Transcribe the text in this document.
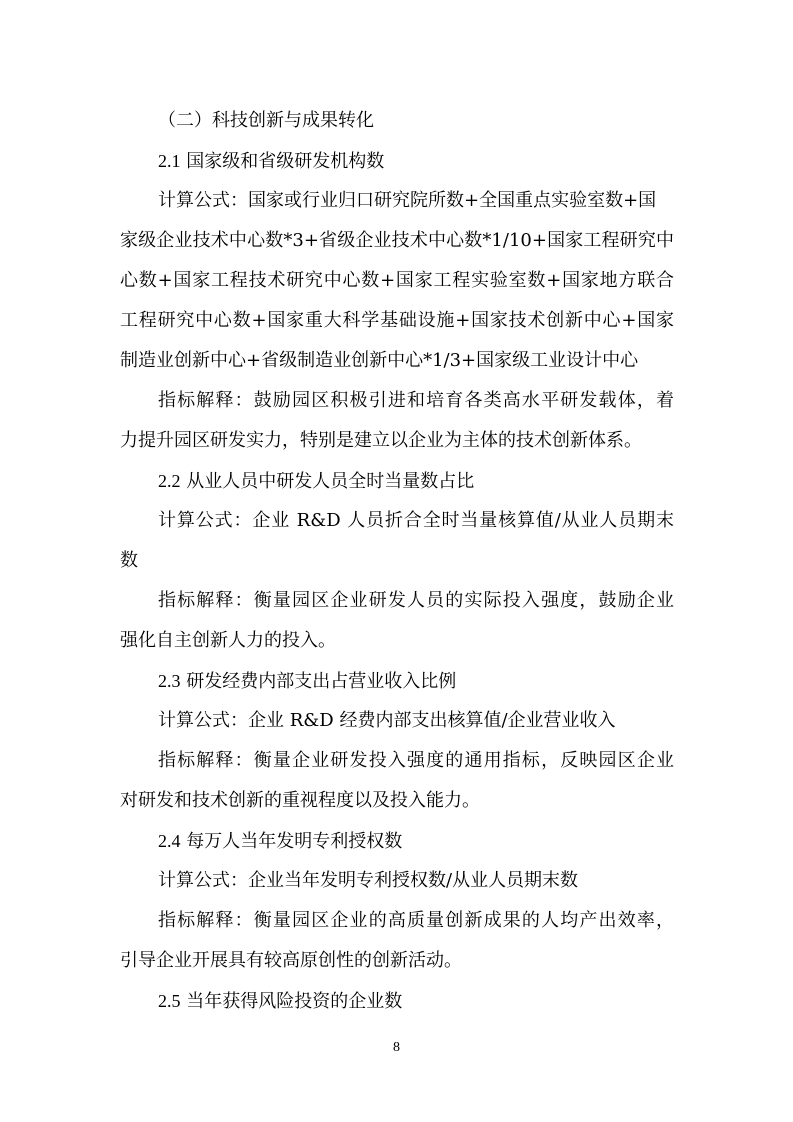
（二）科技创新与成果转化
2.1 国家级和省级研发机构数
计算公式：国家或行业归口研究院所数+全国重点实验室数+国
家级企业技术中心数*3+省级企业技术中心数*1/10+国家工程研究中
心数+国家工程技术研究中心数+国家工程实验室数+国家地方联合
工程研究中心数+国家重大科学基础设施+国家技术创新中心+国家
制造业创新中心+省级制造业创新中心*1/3+国家级工业设计中心
指标解释：鼓励园区积极引进和培育各类高水平研发载体，着
力提升园区研发实力，特别是建立以企业为主体的技术创新体系。
2.2 从业人员中研发人员全时当量数占比
计算公式：企业 R&D 人员折合全时当量核算值/从业人员期末
数
指标解释：衡量园区企业研发人员的实际投入强度，鼓励企业
强化自主创新人力的投入。
2.3 研发经费内部支出占营业收入比例
计算公式：企业 R&D 经费内部支出核算值/企业营业收入
指标解释：衡量企业研发投入强度的通用指标，反映园区企业
对研发和技术创新的重视程度以及投入能力。
2.4 每万人当年发明专利授权数
计算公式：企业当年发明专利授权数/从业人员期末数
指标解释：衡量园区企业的高质量创新成果的人均产出效率，
引导企业开展具有较高原创性的创新活动。
2.5 当年获得风险投资的企业数
8
